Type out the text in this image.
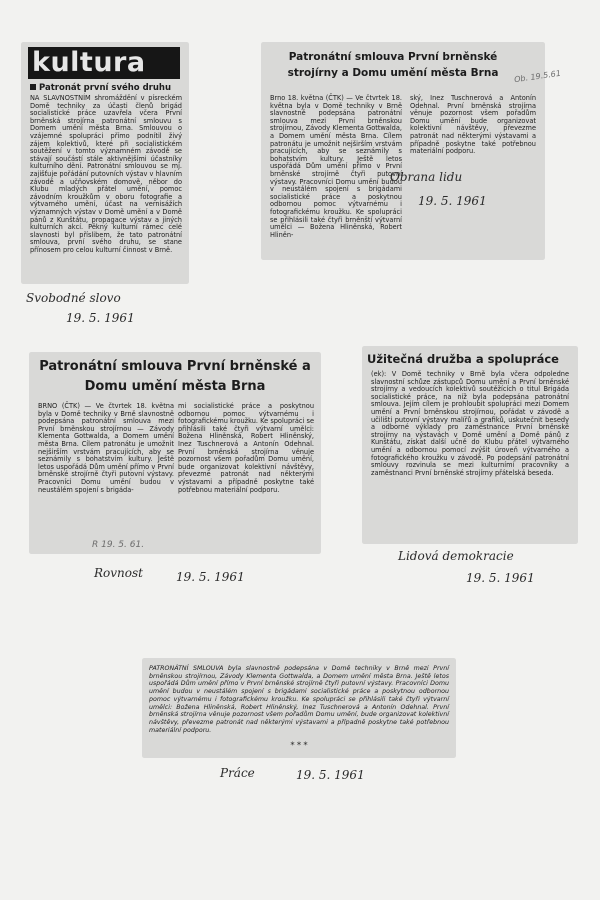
kultura
Patronát první svého druhu

NA SLAVNOSTNÍM shromáždění v písreckém Domě techniky za účasti členů brigád socialistické práce uzavřela včera První brněnská strojírna patronátní smlouvu s Domem umění města Brna. Smlouvou o vzájemné spolupráci přímo podnítil živý zájem kolektivů, které při socialistickém soutěžení v tomto významném závodě se stávají součástí stále aktivnějšími účastníky kulturního dění. Patronátní smlouvou se mj. zajišťuje pořádání putovních výstav v hlavním závodě a učňovském domově, něbor do Klubu mladých přátel umění, pomoc závodním kroužkům v oboru fotografie a výtvarného umění, účast na vernisážích významných výstav v Domě umění a v Domě pánů z Kunštátu, propagace výstav a jiných kulturních akcí. Pěkný kulturní rámec celé slavnosti byl příslibem, že tato patronátní smlouva, první svého druhu, se stane přínosem pro celou kulturní činnost v Brně.

Svobodné slovo
19. 5. 1961

Patronátní smlouva První brněnské strojírny a Domu umění města Brna

Brno 18. května (ČTK) — Ve čtvrtek 18. května byla v Domě techniky v Brně slavnostně podepsána patronátní smlouva mezi První brněnskou strojírnou, Závody Klementa Gottwalda, a Domem umění města Brna. Cílem patronátu je umožnit nejširším vrstvám pracujících, aby se seznámily s bohatstvím kultury. Ještě letos uspořádá Dům umění přímo v První brněnské strojírně čtyři putovní výstavy. Pracovníci Domu umění budou v neustálém spojení s brigádami socialistické práce a poskytnou odbornou pomoc výtvarnému i fotografickému kroužku. Ke spolupráci se přihlásili také čtyři brněnští výtvarní umělci — Božena Hliněnská, Robert Hliněn-

ský, Inez Tuschnerová a Antonín Odehnal. První brněnská strojírna věnuje pozornost všem pořadům Domu umění bude organizovat kolektivní návštěvy, převezme patronát nad některými výstavami a případně poskytne také potřebnou materiální podporu.

Ob. 19.5.61
Obrana lidu
19. 5. 1961

Patronátní smlouva První brněnské a Domu umění města Brna

BRNO (ČTK) — Ve čtvrtek 18. května byla v Domě techniky v Brně slavnostně podepsána patronátní smlouva mezi První brněnskou strojírnou — Závody Klementa Gottwalda, a Domem umění města Brna. Cílem patronátu je umožnit nejširším vrstvám pracujících, aby se seznámily s bohatstvím kultury. Ještě letos uspořádá Dům umění přímo v První brněnské strojírně čtyři putovní výstavy. Pracovníci Domu umění budou v neustálém spojení s brigáda-

mi socialistické práce a poskytnou odbornou pomoc výtvarnému i fotografickému kroužku. Ke spolupráci se přihlásili také čtyři výtvarní umělci: Božena Hliněnská, Robert Hliněnský, Inez Tuschnerová a Antonín Odehnal. První brněnská strojírna věnuje pozornost všem pořadům Domu umění, bude organizovat kolektivní návštěvy, převezme patronát nad některými výstavami a případně poskytne také potřebnou materiální podporu.

R 19. 5. 61.
Rovnost	19. 5. 1961

Užitečná družba a spolupráce

(ek): V Domě techniky v Brně byla včera odpoledne slavnostní schůze zástupců Domu umění a První brněnské strojírny a vedoucích kolektivů soutěžících o titul Brigáda socialistické práce, na níž byla podepsána patronátní smlouva. Jejím cílem je prohloubit spolupráci mezi Domem umění a První brněnskou strojírnou, pořádat v závodě a učilišti putovní výstavy malířů a grafiků, uskutečnit besedy a odborné výklady pro zaměstnance První brněnské strojírny na výstavách v Domě umění a Domě pánů z Kunštátu, získat další učně do Klubu přátel výtvarného umění a odbornou pomocí zvýšit úroveň výtvarného a fotografického kroužku v závodě. Po podepsání patronátní smlouvy rozvinula se mezi kulturními pracovníky a zaměstnanci První brněnské strojírny přátelská beseda.

Lidová demokracie
19. 5. 1961

PATRONÁTNÍ SMLOUVA byla slavnostně podepsána v Domě techniky v Brně mezi První brněnskou strojírnou, Závody Klementa Gottwalda, a Domem umění města Brna. Ještě letos uspořádá Dům umění přímo v První brněnské strojírně čtyři putovní výstavy. Pracovníci Domu umění budou v neustálém spojení s brigádami socialistické práce a poskytnou odbornou pomoc výtvarnému i fotografickému kroužku. Ke spolupráci se přihlásili také čtyři výtvarní umělci: Božena Hliněnská, Robert Hliněnský, Inez Tuschnerová a Antonín Odehnal. První brněnská strojírna věnuje pozornost všem pořadům Domu umění, bude organizovat kolektivní návštěvy, převezme patronát nad některými výstavami a případně poskytne také potřebnou materiální podporu.

* * *
Práce	19. 5. 1961
